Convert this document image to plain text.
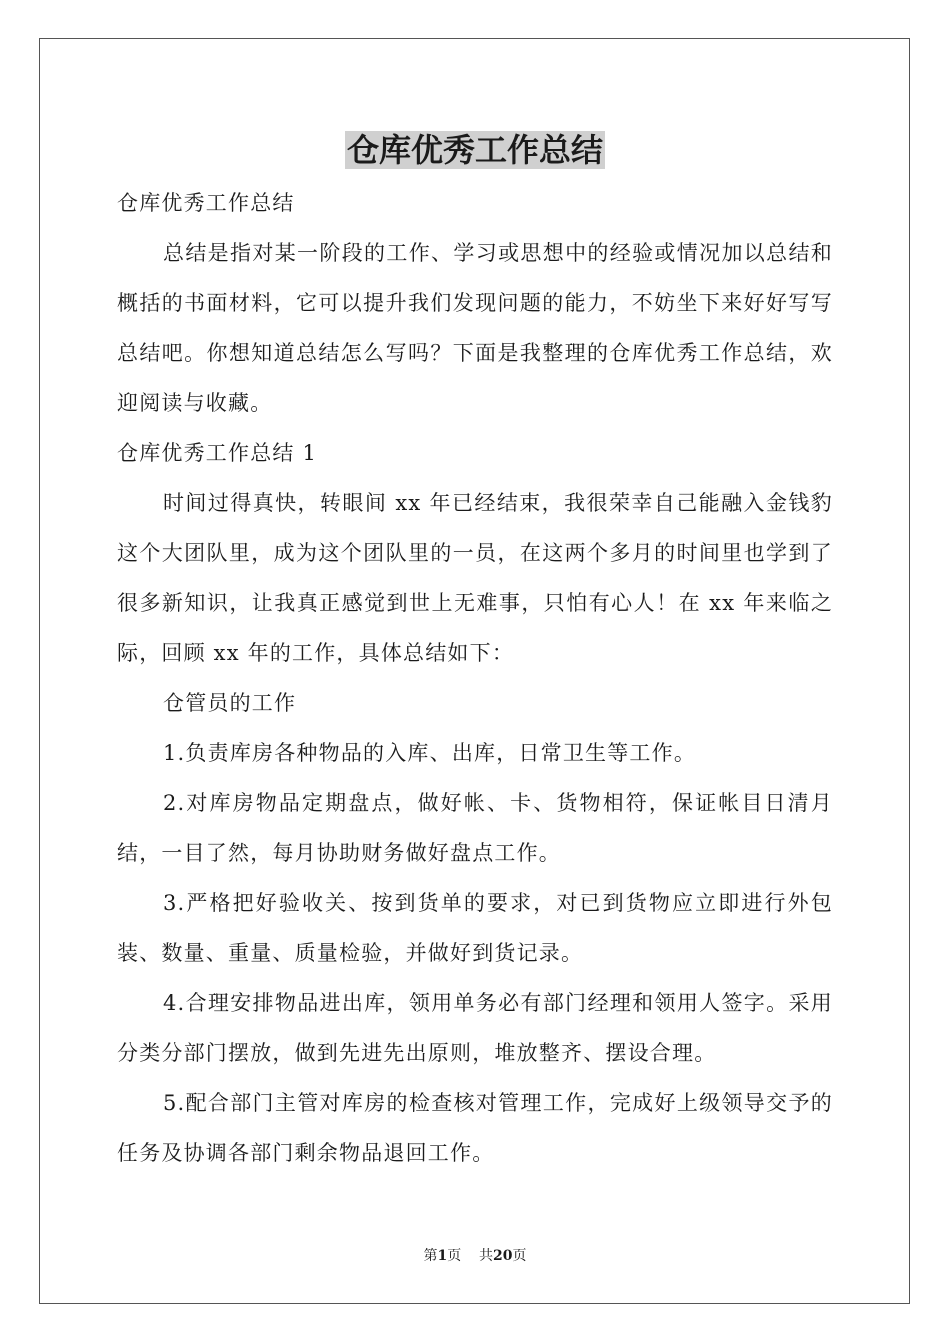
仓库优秀工作总结

仓库优秀工作总结

总结是指对某一阶段的工作、学习或思想中的经验或情况加以总结和概括的书面材料，它可以提升我们发现问题的能力，不妨坐下来好好写写总结吧。你想知道总结怎么写吗？下面是我整理的仓库优秀工作总结，欢迎阅读与收藏。

仓库优秀工作总结 1

时间过得真快，转眼间 xx 年已经结束，我很荣幸自己能融入金钱豹这个大团队里，成为这个团队里的一员，在这两个多月的时间里也学到了很多新知识，让我真正感觉到世上无难事，只怕有心人！在 xx 年来临之际，回顾 xx 年的工作，具体总结如下：

仓管员的工作

1.负责库房各种物品的入库、出库，日常卫生等工作。

2.对库房物品定期盘点，做好帐、卡、货物相符，保证帐目日清月结，一目了然，每月协助财务做好盘点工作。

3.严格把好验收关、按到货单的要求，对已到货物应立即进行外包装、数量、重量、质量检验，并做好到货记录。

4.合理安排物品进出库，领用单务必有部门经理和领用人签字。采用分类分部门摆放，做到先进先出原则，堆放整齐、摆设合理。

5.配合部门主管对库房的检查核对管理工作，完成好上级领导交予的任务及协调各部门剩余物品退回工作。

第1页 共20页
